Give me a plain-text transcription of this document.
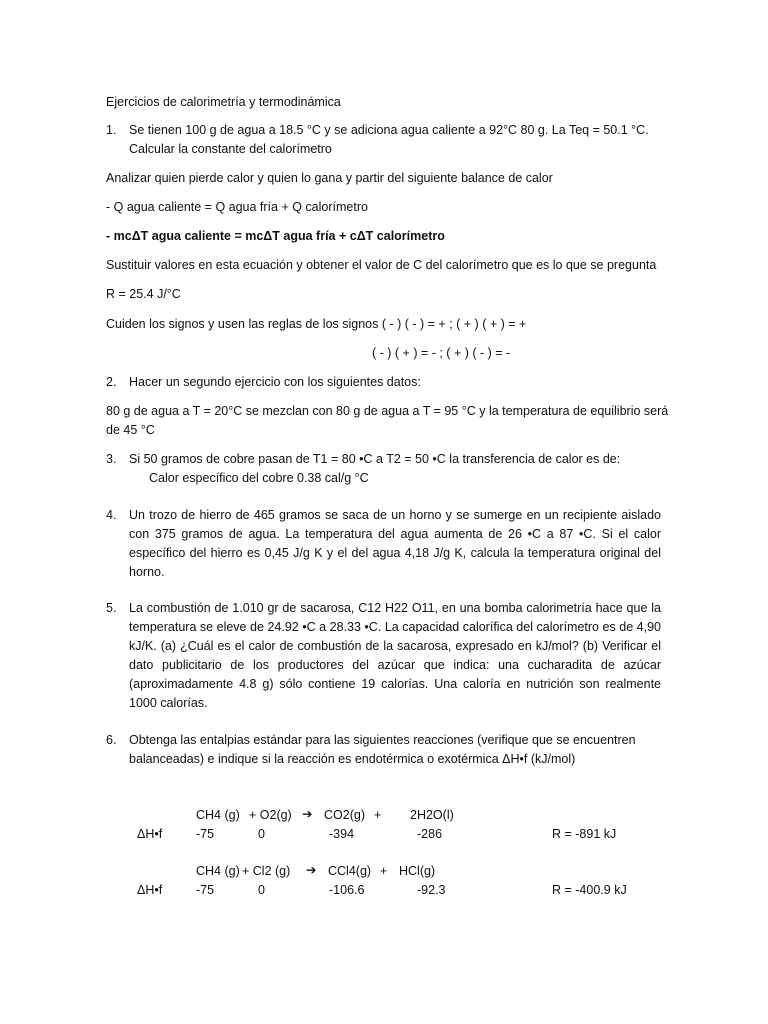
Ejercicios de calorimetría y termodinámica
1. Se tienen 100 g de agua a 18.5 °C y se adiciona agua caliente a 92°C 80 g. La Teq = 50.1 °C.
Calcular la constante del calorímetro
Analizar quien pierde calor y quien lo gana y partir del siguiente balance de calor
- Q agua caliente = Q agua fría + Q calorímetro
- mcΔT agua caliente = mcΔT agua fría + cΔT calorímetro
Sustituir valores en esta ecuación y obtener el valor de C del calorímetro que es lo que se pregunta
R = 25.4 J/°C
Cuiden los signos y usen las reglas de los signos ( - ) ( - ) = + ; ( + ) ( + ) = +
( - ) ( + ) = - ; ( + ) ( - ) = -
2. Hacer un segundo ejercicio con los siguientes datos:
80 g de agua a T = 20°C se mezclan con 80 g de agua a T = 95 °C y la temperatura de equilibrio será
de 45 °C
3. Si 50 gramos de cobre pasan de T1 = 80 •C a T2 = 50 •C la transferencia de calor es de:
Calor específico del cobre 0.38 cal/g °C
4. Un trozo de hierro de 465 gramos se saca de un horno y se sumerge en un recipiente aislado
con 375 gramos de agua. La temperatura del agua aumenta de 26 •C a 87 •C. Si el calor
específico del hierro es 0,45 J/g K y el del agua 4,18 J/g K, calcula la temperatura original del
horno.
5. La combustión de 1.010 gr de sacarosa, C12 H22 O11, en una bomba calorimetría hace que la
temperatura se eleve de 24.92 •C a 28.33 •C. La capacidad calorífica del calorímetro es de 4,90
kJ/K. (a) ¿Cuál es el calor de combustión de la sacarosa, expresado en kJ/mol? (b) Verificar el
dato publicitario de los productores del azúcar que indica: una cucharadita de azúcar
(aproximadamente 4.8 g) sólo contiene 19 calorías. Una caloría en nutrición son realmente
1000 calorías.
6. Obtenga las entalpias estándar para las siguientes reacciones (verifique que se encuentren
balanceadas) e indique si la reacción es endotérmica o exotérmica ΔH•f (kJ/mol)
CH4 (g) + O2(g) ➔ CO2(g) + 2H2O(l)
ΔH•f	-75	0	-394	-286	R = -891 kJ
CH4 (g) + Cl2 (g) ➔ CCl4(g) + HCl(g)
ΔH•f	-75	0	-106.6	-92.3	R = -400.9 kJ
